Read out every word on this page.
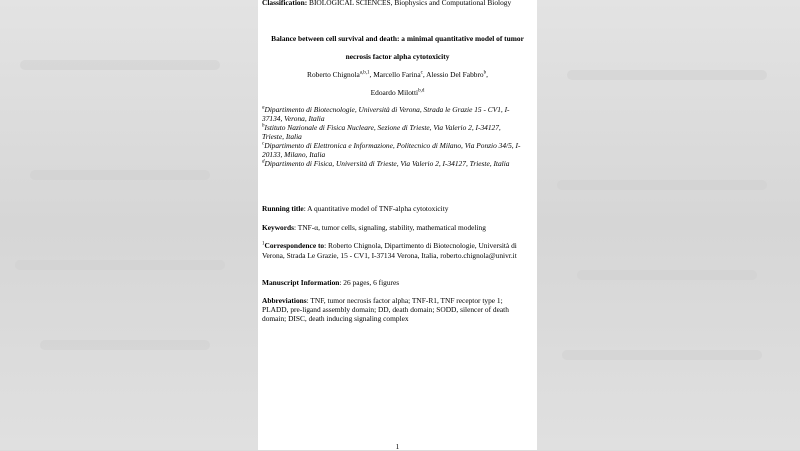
Classification: BIOLOGICAL SCIENCES, Biophysics and Computational Biology
Balance between cell survival and death: a minimal quantitative model of tumor
necrosis factor alpha cytotoxicity
Roberto Chignola$^{a,b,1}$, Marcello Farina$^c$, Alessio Del Fabbro$^b$,
Edoardo Milotti$^{b,d}$
$^a$Dipartimento di Biotecnologie, Università di Verona, Strada le Grazie 15 - CV1, I-
37134, Verona, Italia
$^b$Istituto Nazionale di Fisica Nucleare, Sezione di Trieste, Via Valerio 2, I-34127,
Trieste, Italia
$^c$Dipartimento di Elettronica e Informazione, Politecnico di Milano, Via Ponzio 34/5, I-
20133, Milano, Italia
$^d$Dipartimento di Fisica, Università di Trieste, Via Valerio 2, I-34127, Trieste, Italia
Running title: A quantitative model of TNF-alpha cytotoxicity
Keywords: TNF-α, tumor cells, signaling, stability, mathematical modeling
$^1$Correspondence to: Roberto Chignola, Dipartimento di Biotecnologie, Università di
Verona, Strada Le Grazie, 15 - CV1, I-37134 Verona, Italia, roberto.chignola@univr.it
Manuscript Information: 26 pages, 6 figures
Abbreviations: TNF, tumor necrosis factor alpha; TNF-R1, TNF receptor type 1;
PLADD, pre-ligand assembly domain; DD, death domain; SODD, silencer of death
domain; DISC, death inducing signaling complex
1
